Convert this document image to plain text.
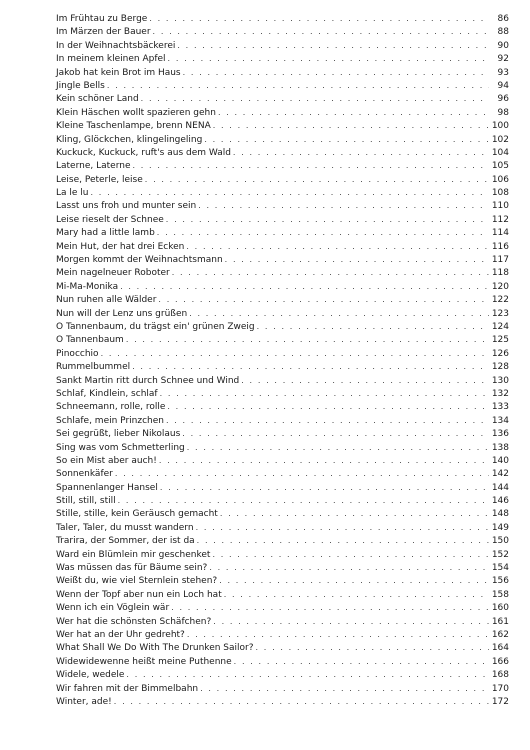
Im Frühtau zu Berge . . .	86
Im Märzen der Bauer . . .	88
In der Weihnachtsbäckerei . . .	90
In meinem kleinen Apfel . . .	92
Jakob hat kein Brot im Haus . . .	93
Jingle Bells . . .	94
Kein schöner Land . . .	96
Klein Häschen wollt spazieren gehn . . .	98
Kleine Taschenlampe, brenn NENA . . .	100
Kling, Glöckchen, klingelingeling . . .	102
Kuckuck, Kuckuck, ruft's aus dem Wald . . .	104
Laterne, Laterne . . .	105
Leise, Peterle, leise . . .	106
La le lu . . .	108
Lasst uns froh und munter sein . . .	110
Leise rieselt der Schnee . . .	112
Mary had a little lamb . . .	114
Mein Hut, der hat drei Ecken . . .	116
Morgen kommt der Weihnachtsmann . . .	117
Mein nagelneuer Roboter . . .	118
Mi-Ma-Monika . . .	120
Nun ruhen alle Wälder . . .	122
Nun will der Lenz uns grüßen . . .	123
O Tannenbaum, du trägst ein' grünen Zweig . . .	124
O Tannenbaum . . .	125
Pinocchio . . .	126
Rummelbummel . . .	128
Sankt Martin ritt durch Schnee und Wind . . .	130
Schlaf, Kindlein, schlaf . . .	132
Schneemann, rolle, rolle . . .	133
Schlafe, mein Prinzchen . . .	134
Sei gegrüßt, lieber Nikolaus . . .	136
Sing was vom Schmetterling . . .	138
So ein Mist aber auch! . . .	140
Sonnenkäfer . . .	142
Spannenlanger Hansel . . .	144
Still, still, still . . .	146
Stille, stille, kein Geräusch gemacht . . .	148
Taler, Taler, du musst wandern . . .	149
Trarira, der Sommer, der ist da . . .	150
Ward ein Blümlein mir geschenket . . .	152
Was müssen das für Bäume sein? . . .	154
Weißt du, wie viel Sternlein stehen? . . .	156
Wenn der Topf aber nun ein Loch hat . . .	158
Wenn ich ein Vöglein wär . . .	160
Wer hat die schönsten Schäfchen? . . .	161
Wer hat an der Uhr gedreht? . . .	162
What Shall We Do With The Drunken Sailor? . . .	164
Widewidewenne heißt meine Puthenne . . .	166
Widele, wedele . . .	168
Wir fahren mit der Bimmelbahn . . .	170
Winter, ade! . . .	172
